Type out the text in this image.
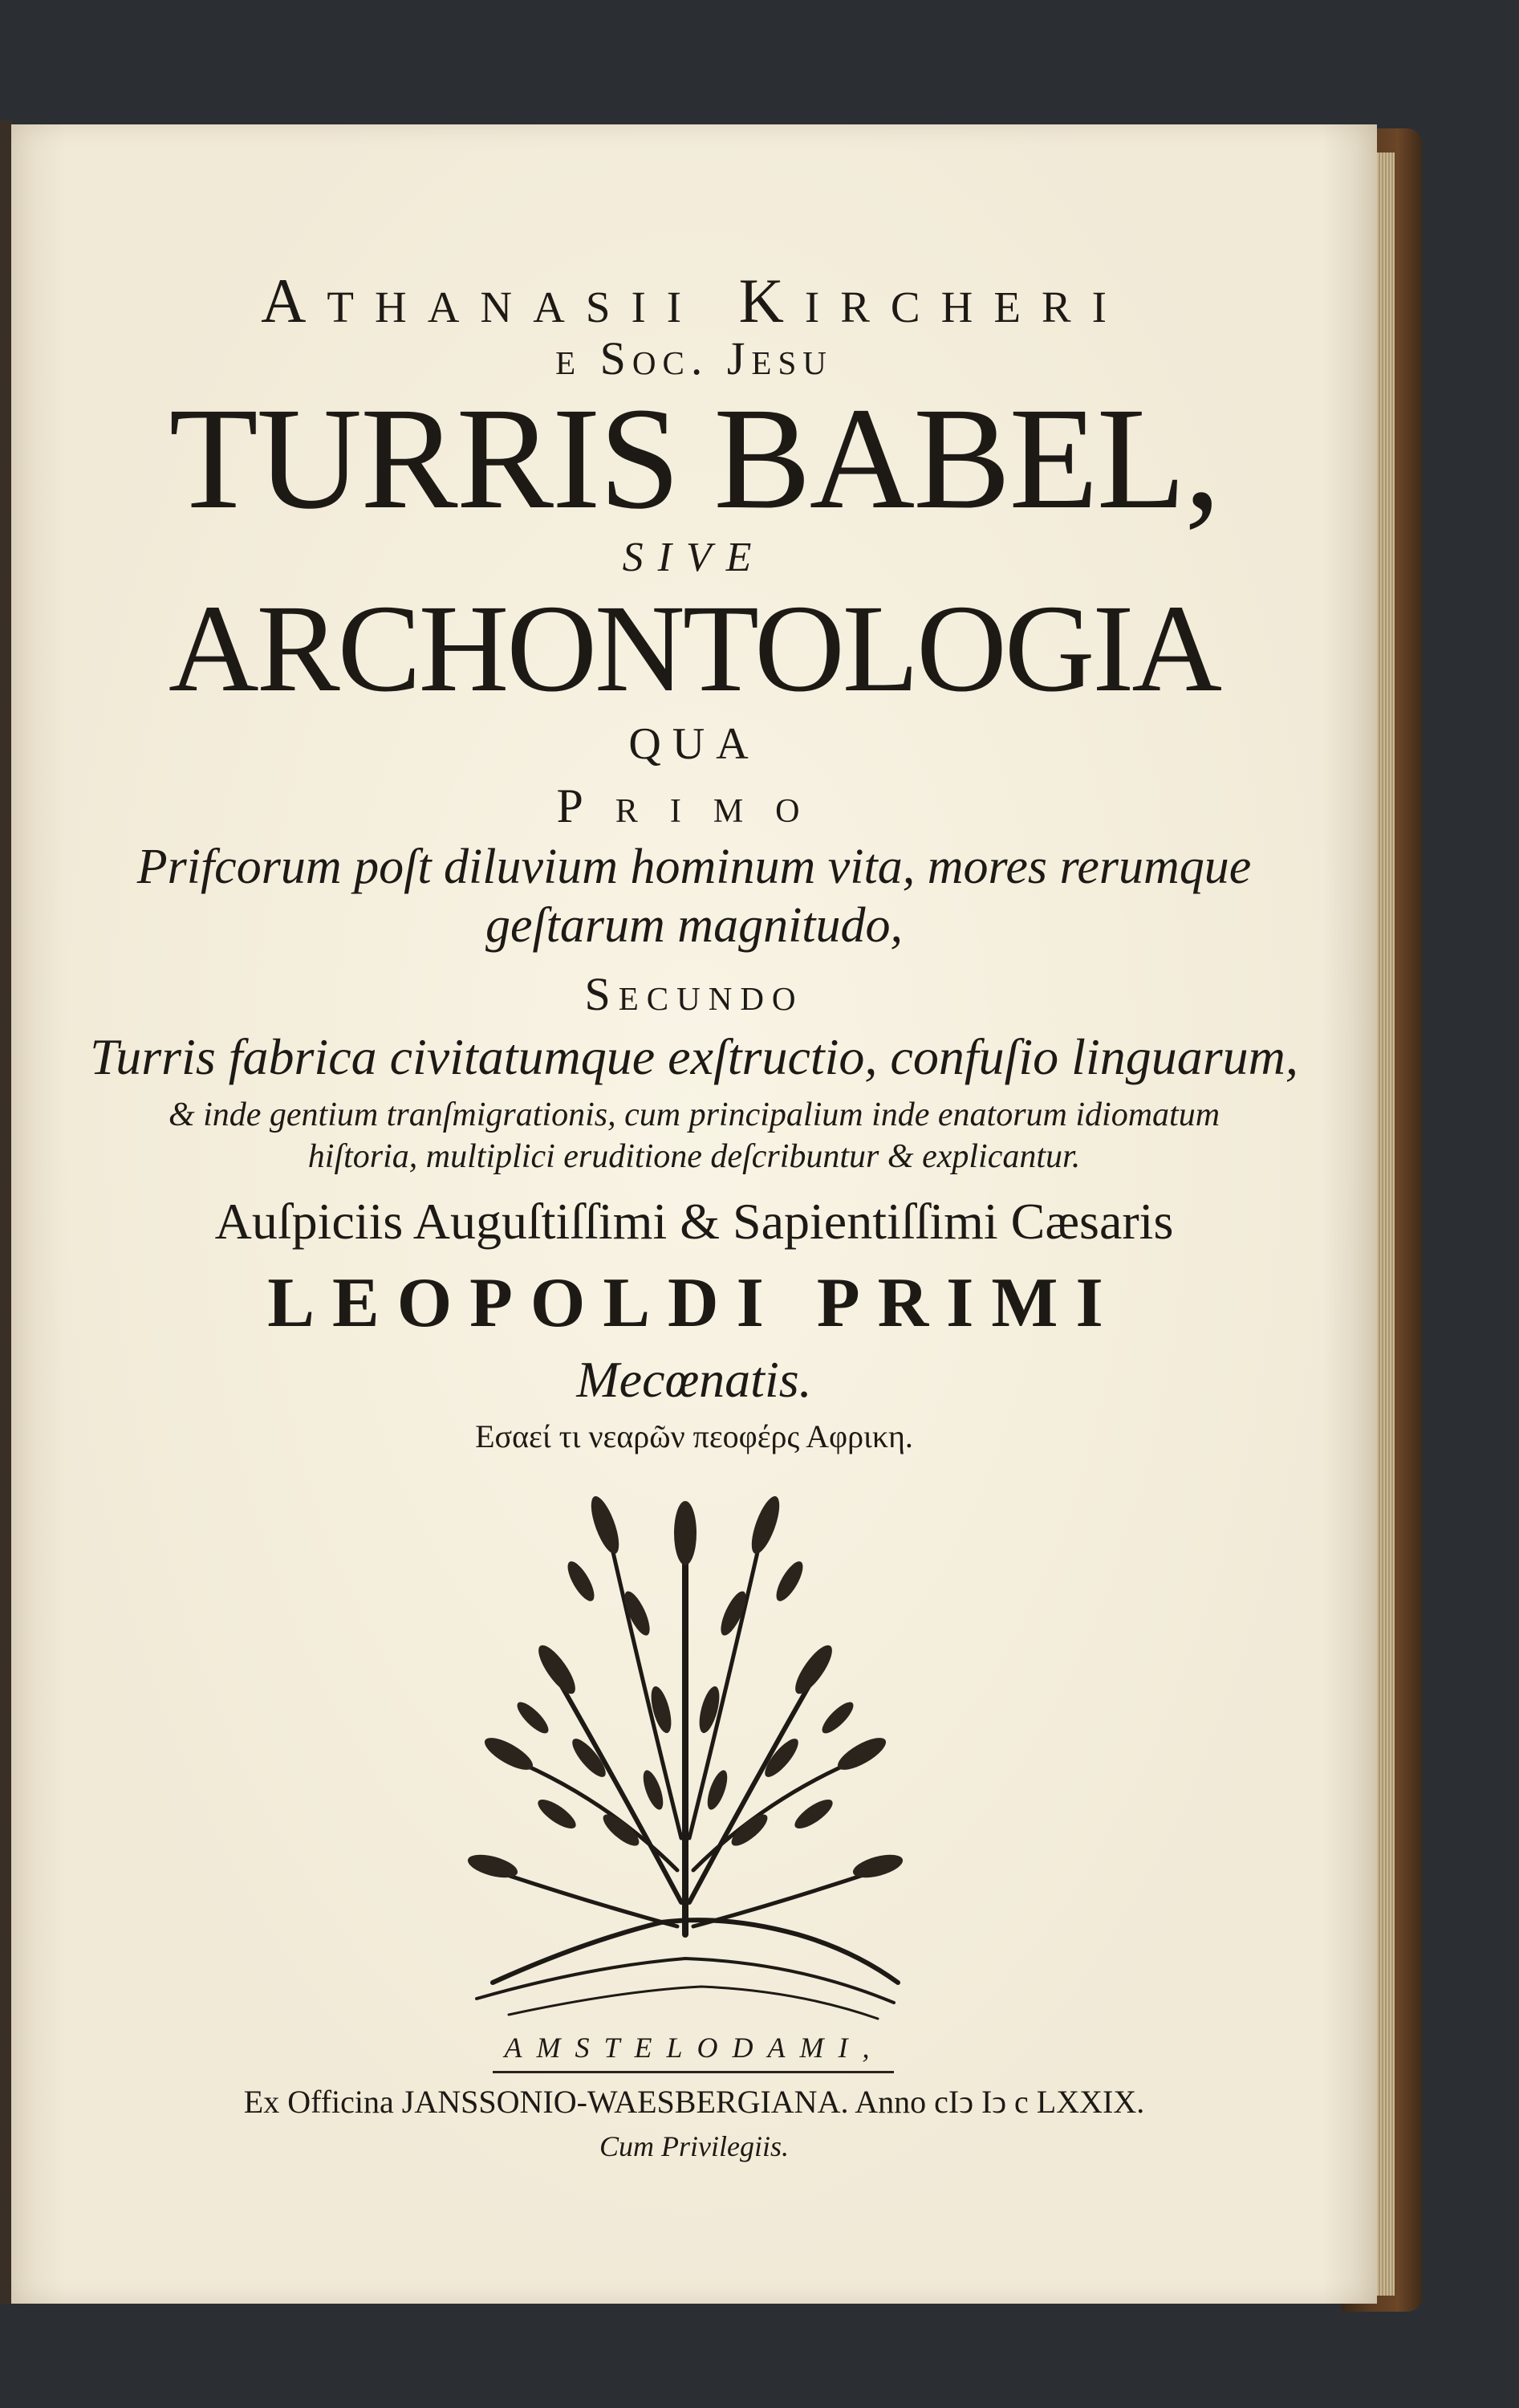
Athanasii Kircheri
e Soc. Jesu
TURRIS BABEL,
SIVE
ARCHONTOLOGIA
QUA
Primo
Prifcorum poſt diluvium hominum vita, mores rerumque
geſtarum magnitudo,
Secundo
Turris fabrica civitatumque exſtructio, confuſio linguarum,
& inde gentium tranſmigrationis, cum principalium inde enatorum idiomatum
hiſtoria, multiplici eruditione deſcribuntur & explicantur.
Auſpiciis Auguſtiſſimi & Sapientiſſimi Cæsaris
LEOPOLDI PRIMI
Mecœnatis.
Εσαεί τι νεαρῶν πεοφέρς Αφρικη.
AMSTELODAMI,
Ex Officina JANSSONIO-WAESBERGIANA. Anno cIↄ Iↄ c LXXIX.
Cum Privilegiis.
